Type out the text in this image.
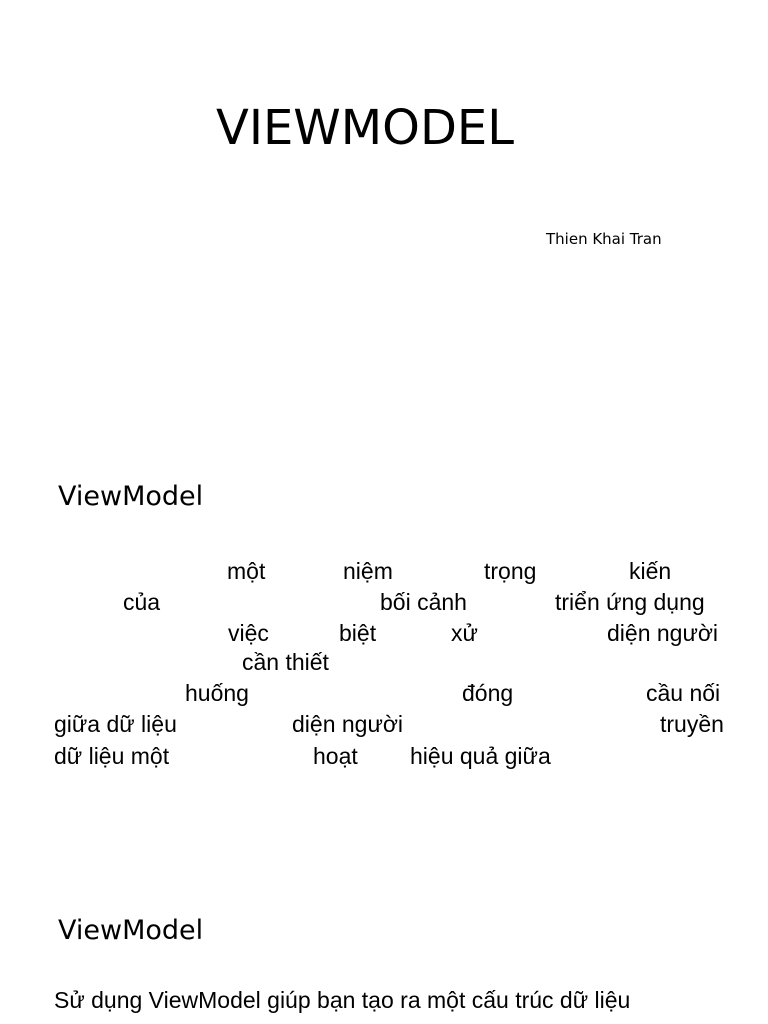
VIEWMODEL
Thien Khai Tran
ViewModel
một	niệm	trọng	kiến
của	bối cảnh	triển ứng dụng
việc	biệt	xử	diện người
cần thiết
huống	đóng	cầu nối
giữa dữ liệu	diện người	truyền
dữ liệu một	hoạt hiệu quả giữa
ViewModel
Sử dụng ViewModel giúp bạn tạo ra một cấu trúc dữ liệu
